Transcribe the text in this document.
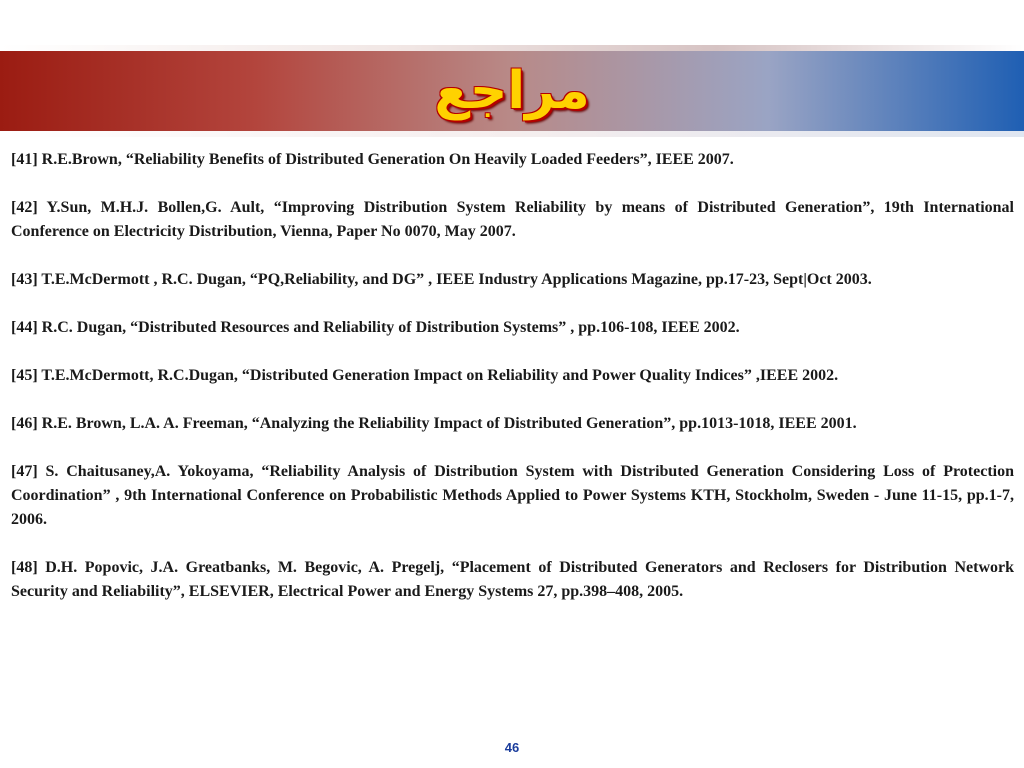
مراجع

[41] R.E.Brown, “Reliability Benefits of Distributed Generation On Heavily Loaded Feeders”, IEEE 2007.

[42] Y.Sun, M.H.J. Bollen,G. Ault, “Improving Distribution System Reliability by means of Distributed Generation”, 19th International Conference on Electricity Distribution, Vienna, Paper No 0070, May 2007.

[43] T.E.McDermott , R.C. Dugan, “PQ,Reliability, and DG” , IEEE Industry Applications Magazine, pp.17-23, Sept|Oct 2003.

[44] R.C. Dugan, “Distributed Resources and Reliability of Distribution Systems” , pp.106-108, IEEE 2002.

[45] T.E.McDermott, R.C.Dugan, “Distributed Generation Impact on Reliability and Power Quality Indices” ,IEEE 2002.

[46] R.E. Brown, L.A. A. Freeman, “Analyzing the Reliability Impact of Distributed Generation”, pp.1013-1018, IEEE 2001.

[47] S. Chaitusaney,A. Yokoyama, “Reliability Analysis of Distribution System with Distributed Generation Considering Loss of Protection Coordination” , 9th International Conference on Probabilistic Methods Applied to Power Systems KTH, Stockholm, Sweden - June 11-15, pp.1-7, 2006.

[48] D.H. Popovic, J.A. Greatbanks, M. Begovic, A. Pregelj, “Placement of Distributed Generators and Reclosers for Distribution Network Security and Reliability”, ELSEVIER, Electrical Power and Energy Systems 27, pp.398–408, 2005.

46
